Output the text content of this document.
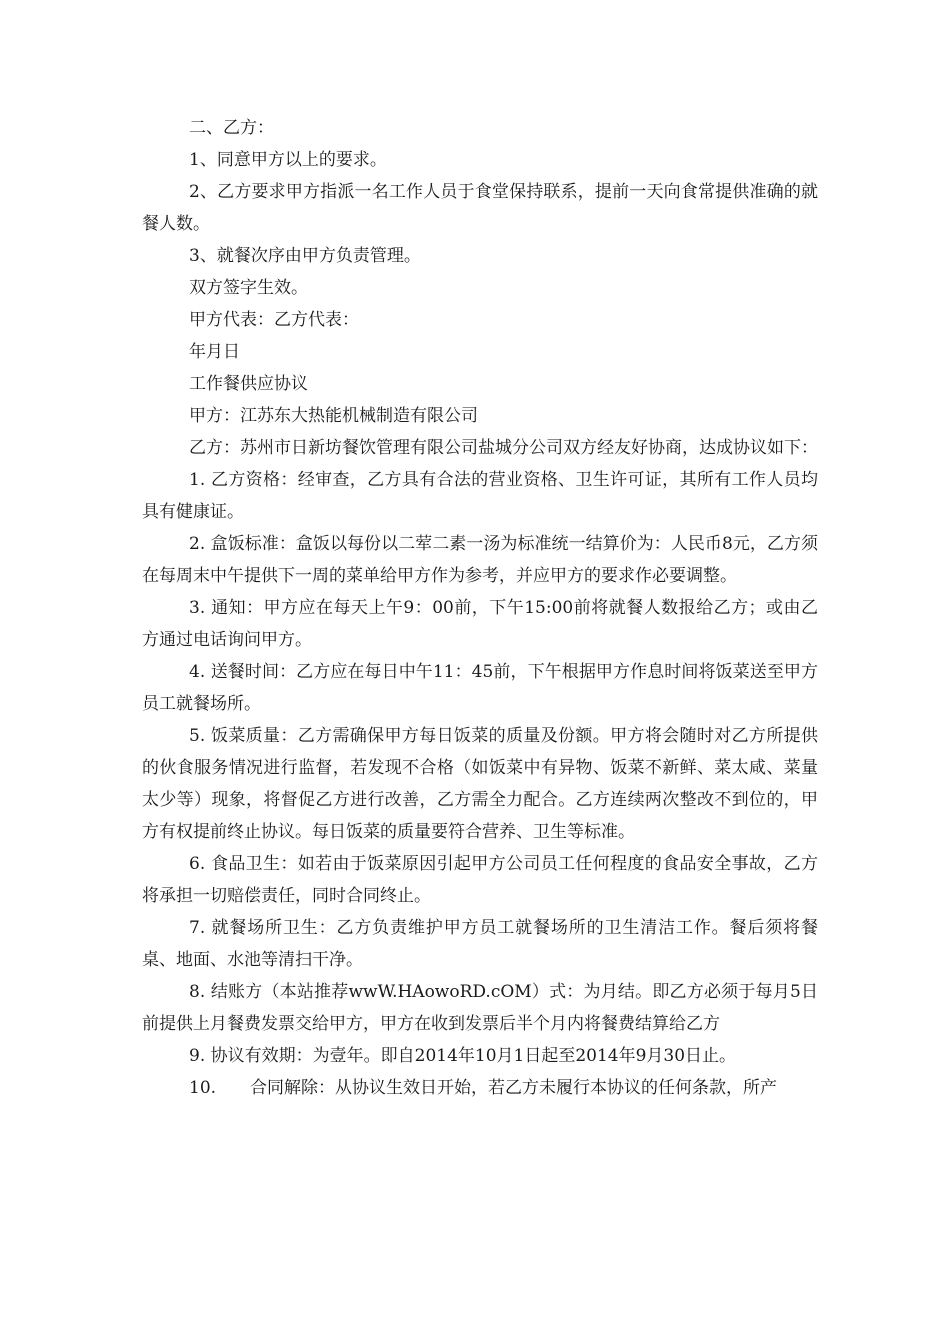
二、乙方：

1、同意甲方以上的要求。

2、乙方要求甲方指派一名工作人员于食堂保持联系，提前一天向食常提供准确的就餐人数。

3、就餐次序由甲方负责管理。

双方签字生效。

甲方代表：乙方代表：

年月日

工作餐供应协议

甲方：江苏东大热能机械制造有限公司

乙方：苏州市日新坊餐饮管理有限公司盐城分公司双方经友好协商，达成协议如下：

1. 乙方资格：经审查，乙方具有合法的营业资格、卫生许可证，其所有工作人员均具有健康证。

2. 盒饭标准：盒饭以每份以二荤二素一汤为标准统一结算价为：人民币8元，乙方须在每周末中午提供下一周的菜单给甲方作为参考，并应甲方的要求作必要调整。

3. 通知：甲方应在每天上午9：00前，下午15:00前将就餐人数报给乙方；或由乙方通过电话询问甲方。

4. 送餐时间：乙方应在每日中午11：45前，下午根据甲方作息时间将饭菜送至甲方员工就餐场所。

5. 饭菜质量：乙方需确保甲方每日饭菜的质量及份额。甲方将会随时对乙方所提供的伙食服务情况进行监督，若发现不合格（如饭菜中有异物、饭菜不新鲜、菜太咸、菜量太少等）现象，将督促乙方进行改善，乙方需全力配合。乙方连续两次整改不到位的，甲方有权提前终止协议。每日饭菜的质量要符合营养、卫生等标准。

6. 食品卫生：如若由于饭菜原因引起甲方公司员工任何程度的食品安全事故，乙方将承担一切赔偿责任，同时合同终止。

7. 就餐场所卫生：乙方负责维护甲方员工就餐场所的卫生清洁工作。餐后须将餐桌、地面、水池等清扫干净。

8. 结账方（本站推荐wwW.HAowoRD.cOM）式：为月结。即乙方必须于每月5日前提供上月餐费发票交给甲方，甲方在收到发票后半个月内将餐费结算给乙方

9. 协议有效期：为壹年。即自2014年10月1日起至2014年9月30日止。

10.　　合同解除：从协议生效日开始，若乙方未履行本协议的任何条款，所产
